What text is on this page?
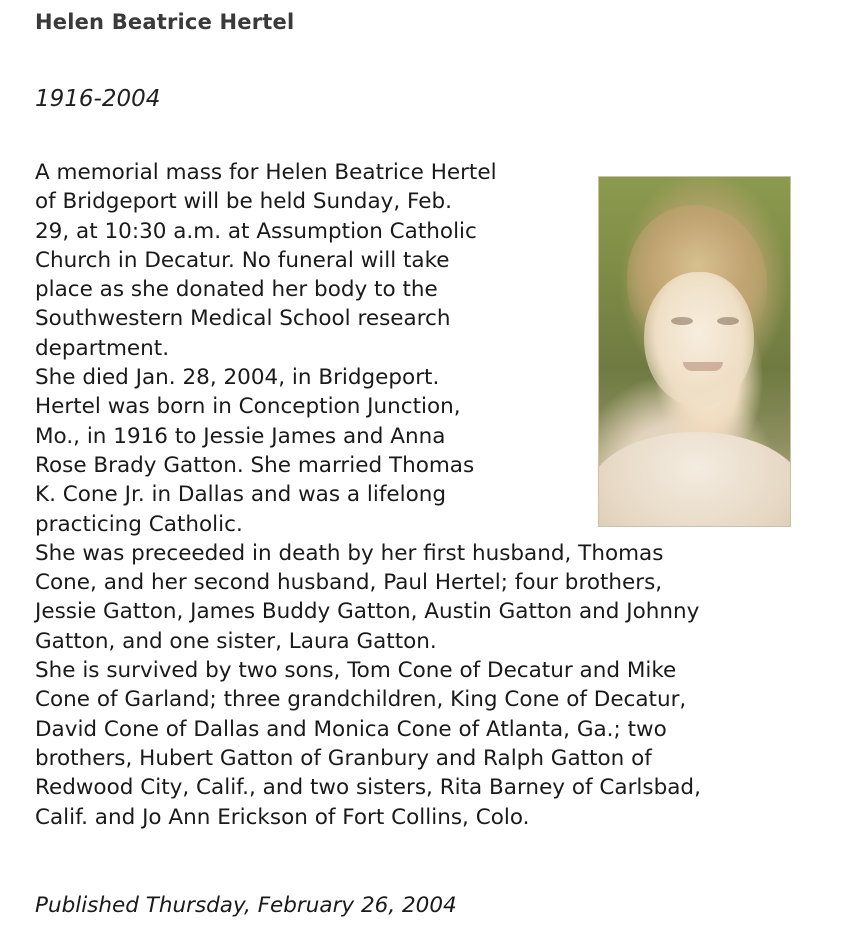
Helen Beatrice Hertel
1916-2004
A memorial mass for Helen Beatrice Hertel
of Bridgeport will be held Sunday, Feb.
29, at 10:30 a.m. at Assumption Catholic
Church in Decatur. No funeral will take
place as she donated her body to the
Southwestern Medical School research
department.
She died Jan. 28, 2004, in Bridgeport.
Hertel was born in Conception Junction,
Mo., in 1916 to Jessie James and Anna
Rose Brady Gatton. She married Thomas
K. Cone Jr. in Dallas and was a lifelong
practicing Catholic.
She was preceeded in death by her first husband, Thomas
Cone, and her second husband, Paul Hertel; four brothers,
Jessie Gatton, James Buddy Gatton, Austin Gatton and Johnny
Gatton, and one sister, Laura Gatton.
She is survived by two sons, Tom Cone of Decatur and Mike
Cone of Garland; three grandchildren, King Cone of Decatur,
David Cone of Dallas and Monica Cone of Atlanta, Ga.; two
brothers, Hubert Gatton of Granbury and Ralph Gatton of
Redwood City, Calif., and two sisters, Rita Barney of Carlsbad,
Calif. and Jo Ann Erickson of Fort Collins, Colo.
Published Thursday, February 26, 2004
